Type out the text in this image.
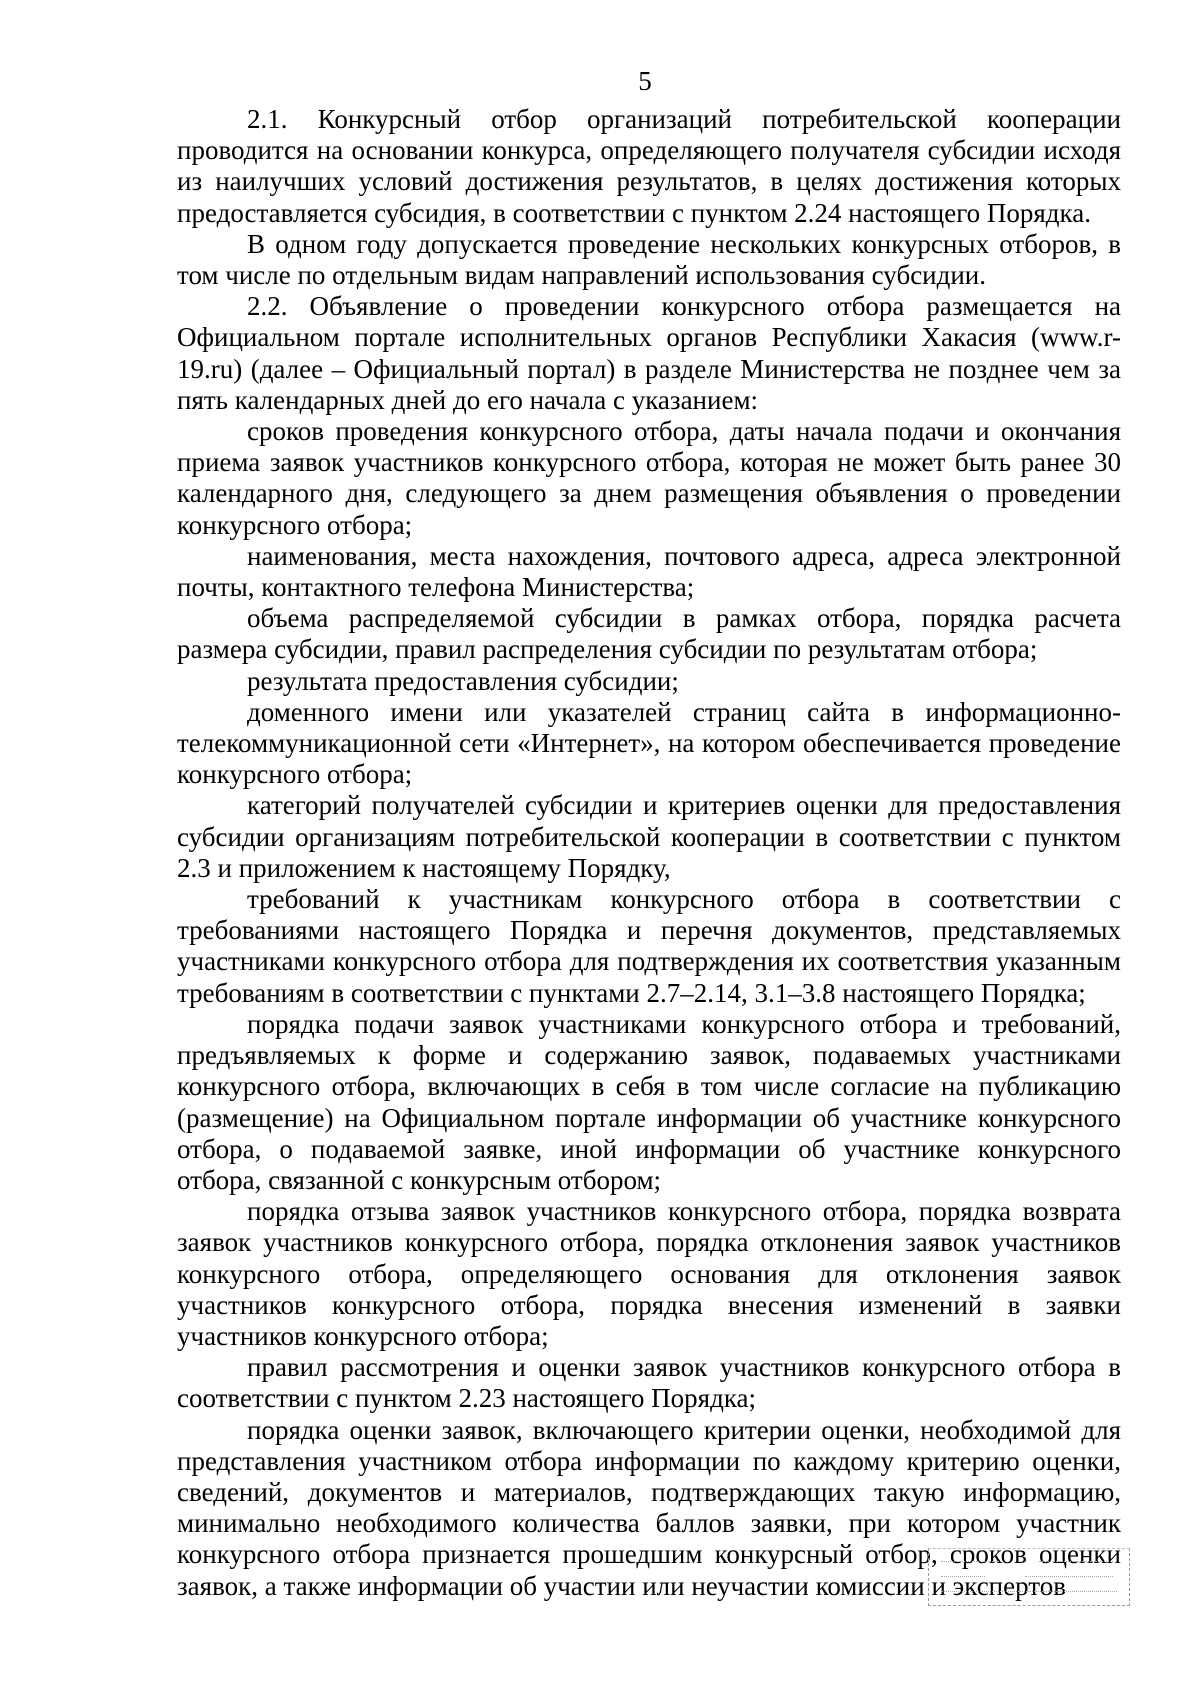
5

2.1. Конкурсный отбор организаций потребительской кооперации проводится на основании конкурса, определяющего получателя субсидии исходя из наилучших условий достижения результатов, в целях достижения которых предоставляется субсидия, в соответствии с пунктом 2.24 настоящего Порядка.

В одном году допускается проведение нескольких конкурсных отборов, в том числе по отдельным видам направлений использования субсидии.

2.2. Объявление о проведении конкурсного отбора размещается на Официальном портале исполнительных органов Республики Хакасия (www.r-19.ru) (далее – Официальный портал) в разделе Министерства не позднее чем за пять календарных дней до его начала с указанием:

сроков проведения конкурсного отбора, даты начала подачи и окончания приема заявок участников конкурсного отбора, которая не может быть ранее 30 календарного дня, следующего за днем размещения объявления о проведении конкурсного отбора;

наименования, места нахождения, почтового адреса, адреса электронной почты, контактного телефона Министерства;

объема распределяемой субсидии в рамках отбора, порядка расчета размера субсидии, правил распределения субсидии по результатам отбора;

результата предоставления субсидии;

доменного имени или указателей страниц сайта в информационно-телекоммуникационной сети «Интернет», на котором обеспечивается проведение конкурсного отбора;

категорий получателей субсидии и критериев оценки для предоставления субсидии организациям потребительской кооперации в соответствии с пунктом 2.3 и приложением к настоящему Порядку,

требований к участникам конкурсного отбора в соответствии с требованиями настоящего Порядка и перечня документов, представляемых участниками конкурсного отбора для подтверждения их соответствия указанным требованиям в соответствии с пунктами 2.7–2.14, 3.1–3.8 настоящего Порядка;

порядка подачи заявок участниками конкурсного отбора и требований, предъявляемых к форме и содержанию заявок, подаваемых участниками конкурсного отбора, включающих в себя в том числе согласие на публикацию (размещение) на Официальном портале информации об участнике конкурсного отбора, о подаваемой заявке, иной информации об участнике конкурсного отбора, связанной с конкурсным отбором;

порядка отзыва заявок участников конкурсного отбора, порядка возврата заявок участников конкурсного отбора, порядка отклонения заявок участников конкурсного отбора, определяющего основания для отклонения заявок участников конкурсного отбора, порядка внесения изменений в заявки участников конкурсного отбора;

правил рассмотрения и оценки заявок участников конкурсного отбора в соответствии с пунктом 2.23 настоящего Порядка;

порядка оценки заявок, включающего критерии оценки, необходимой для представления участником отбора информации по каждому критерию оценки, сведений, документов и материалов, подтверждающих такую информацию, минимально необходимого количества баллов заявки, при котором участник конкурсного отбора признается прошедшим конкурсный отбор, сроков оценки заявок, а также информации об участии или неучастии комиссии и экспертов
